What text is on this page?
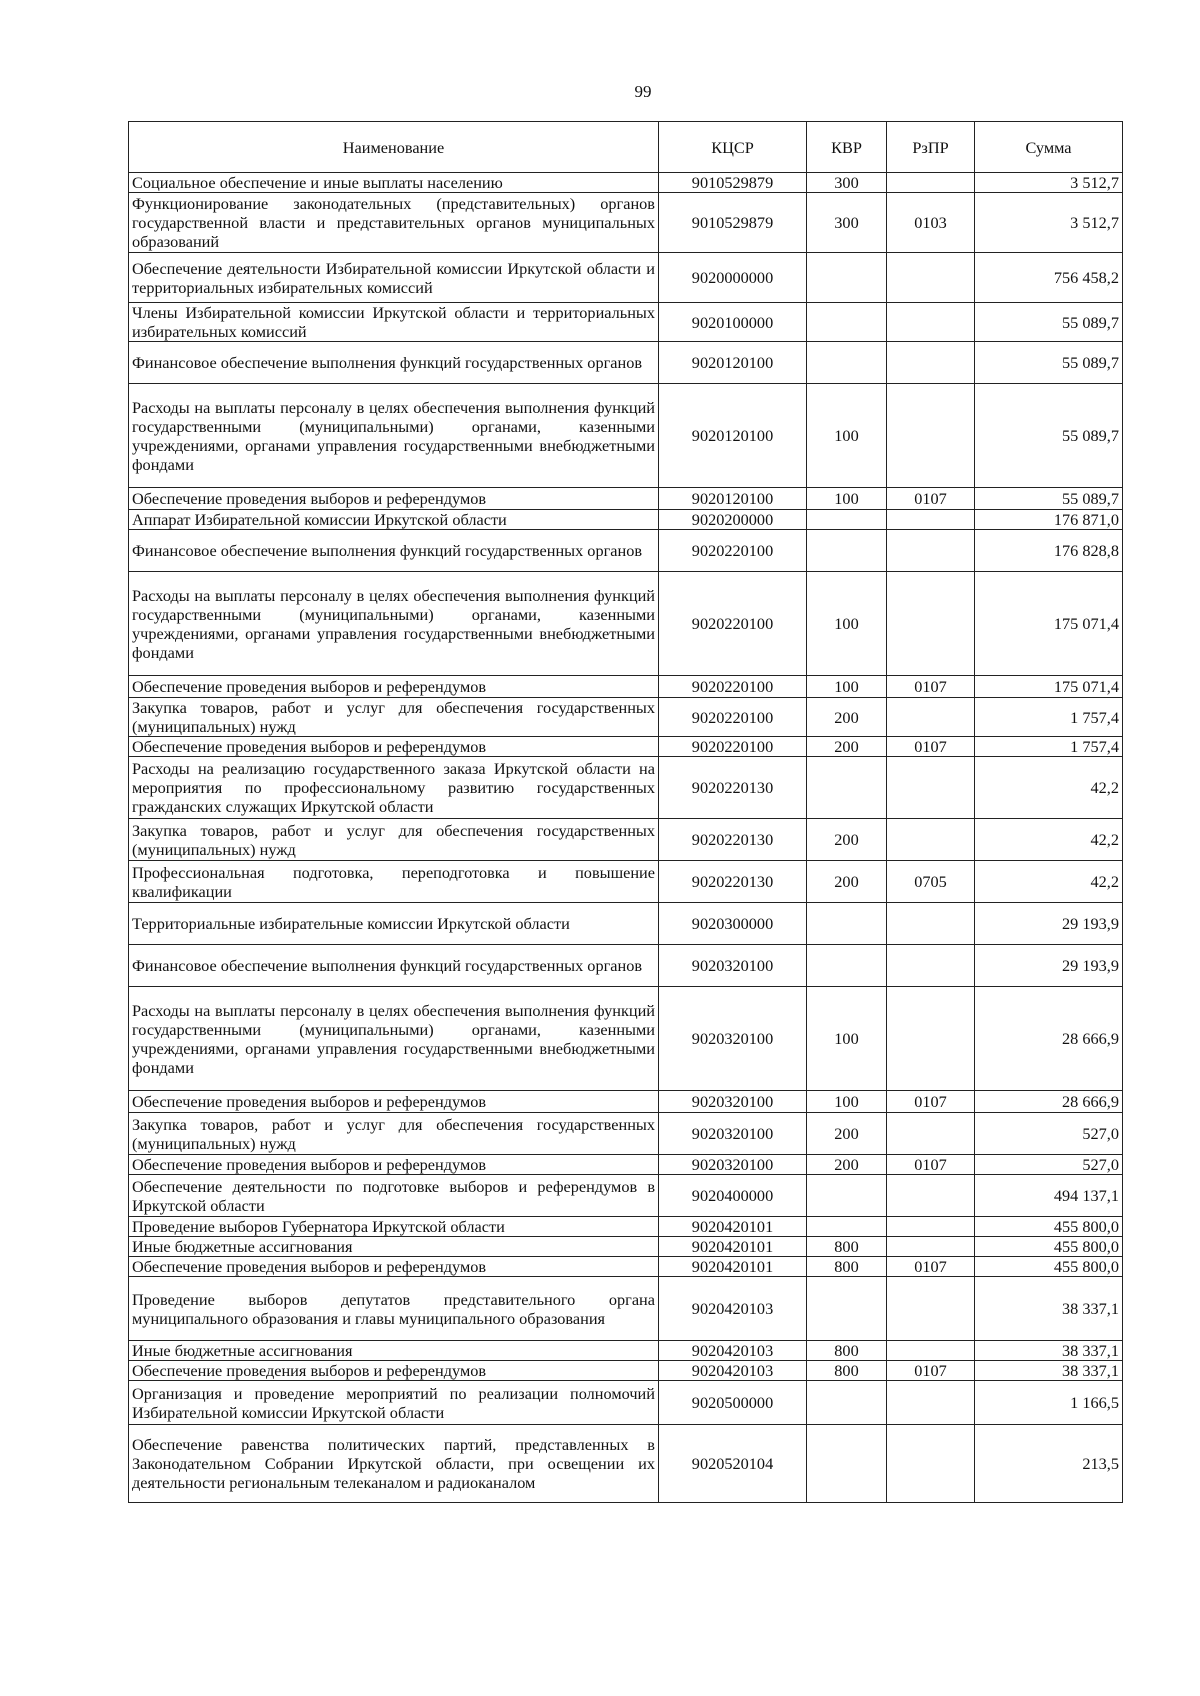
99
Наименование	КЦСР	КВР	РзПР	Сумма
Социальное обеспечение и иные выплаты населению	9010529879	300		3 512,7
Функционирование законодательных (представительных) органов государственной власти и представительных органов муниципальных образований	9010529879	300	0103	3 512,7
Обеспечение деятельности Избирательной комиссии Иркутской области и территориальных избирательных комиссий	9020000000			756 458,2
Члены Избирательной комиссии Иркутской области и территориальных избирательных комиссий	9020100000			55 089,7
Финансовое обеспечение выполнения функций государственных органов	9020120100			55 089,7
Расходы на выплаты персоналу в целях обеспечения выполнения функций государственными (муниципальными) органами, казенными учреждениями, органами управления государственными внебюджетными фондами	9020120100	100		55 089,7
Обеспечение проведения выборов и референдумов	9020120100	100	0107	55 089,7
Аппарат Избирательной комиссии Иркутской области	9020200000			176 871,0
Финансовое обеспечение выполнения функций государственных органов	9020220100			176 828,8
Расходы на выплаты персоналу в целях обеспечения выполнения функций государственными (муниципальными) органами, казенными учреждениями, органами управления государственными внебюджетными фондами	9020220100	100		175 071,4
Обеспечение проведения выборов и референдумов	9020220100	100	0107	175 071,4
Закупка товаров, работ и услуг для обеспечения государственных (муниципальных) нужд	9020220100	200		1 757,4
Обеспечение проведения выборов и референдумов	9020220100	200	0107	1 757,4
Расходы на реализацию государственного заказа Иркутской области на мероприятия по профессиональному развитию государственных гражданских служащих Иркутской области	9020220130			42,2
Закупка товаров, работ и услуг для обеспечения государственных (муниципальных) нужд	9020220130	200		42,2
Профессиональная подготовка, переподготовка и повышение квалификации	9020220130	200	0705	42,2
Территориальные избирательные комиссии Иркутской области	9020300000			29 193,9
Финансовое обеспечение выполнения функций государственных органов	9020320100			29 193,9
Расходы на выплаты персоналу в целях обеспечения выполнения функций государственными (муниципальными) органами, казенными учреждениями, органами управления государственными внебюджетными фондами	9020320100	100		28 666,9
Обеспечение проведения выборов и референдумов	9020320100	100	0107	28 666,9
Закупка товаров, работ и услуг для обеспечения государственных (муниципальных) нужд	9020320100	200		527,0
Обеспечение проведения выборов и референдумов	9020320100	200	0107	527,0
Обеспечение деятельности по подготовке выборов и референдумов в Иркутской области	9020400000			494 137,1
Проведение выборов Губернатора Иркутской области	9020420101			455 800,0
Иные бюджетные ассигнования	9020420101	800		455 800,0
Обеспечение проведения выборов и референдумов	9020420101	800	0107	455 800,0
Проведение выборов депутатов представительного органа муниципального образования и главы муниципального образования	9020420103			38 337,1
Иные бюджетные ассигнования	9020420103	800		38 337,1
Обеспечение проведения выборов и референдумов	9020420103	800	0107	38 337,1
Организация и проведение мероприятий по реализации полномочий Избирательной комиссии Иркутской области	9020500000			1 166,5
Обеспечение равенства политических партий, представленных в Законодательном Собрании Иркутской области, при освещении их деятельности региональным телеканалом и радиоканалом	9020520104			213,5
